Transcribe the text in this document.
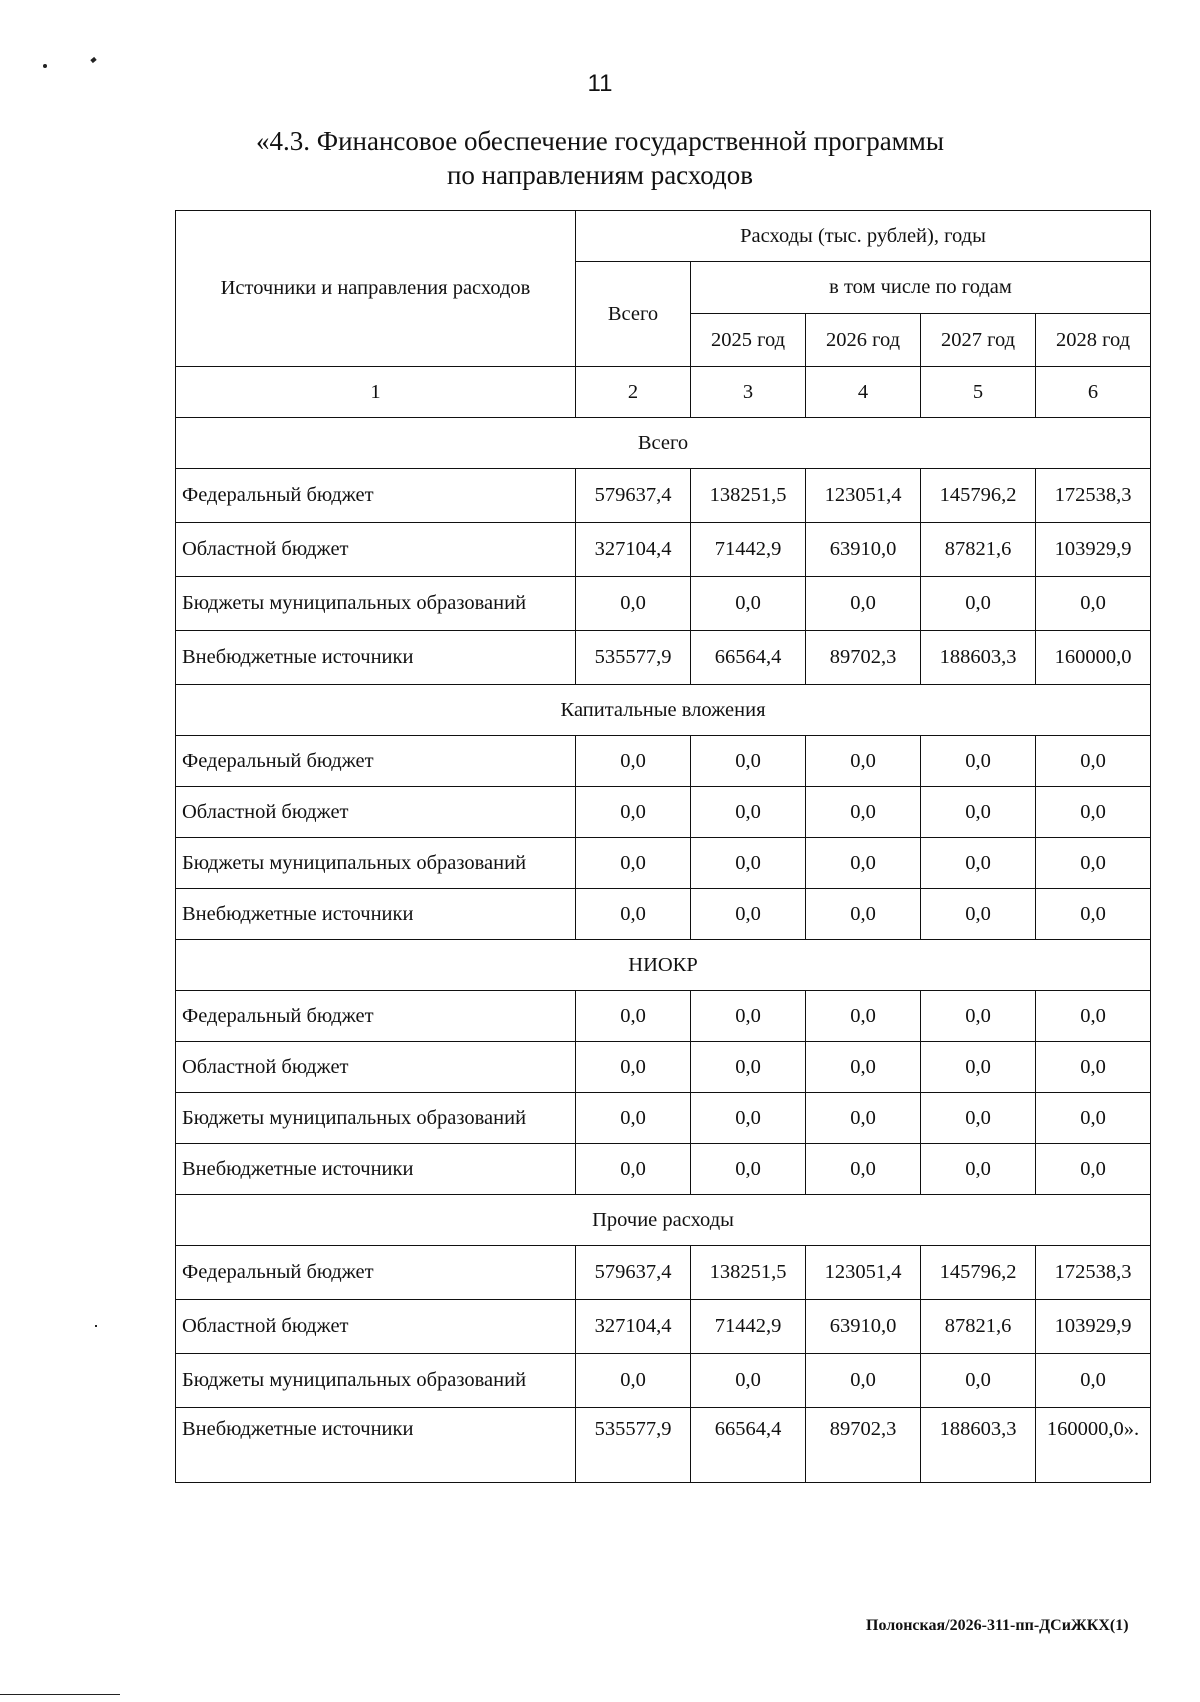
11
«4.3. Финансовое обеспечение государственной программы
по направлениям расходов
Источники и направления расходов	Расходы (тыс. рублей), годы				
	Всего	в том числе по годам			
		2025 год	2026 год	2027 год	2028 год
1	2	3	4	5	6
Всего					
Федеральный бюджет	579637,4	138251,5	123051,4	145796,2	172538,3
Областной бюджет	327104,4	71442,9	63910,0	87821,6	103929,9
Бюджеты муниципальных образований	0,0	0,0	0,0	0,0	0,0
Внебюджетные источники	535577,9	66564,4	89702,3	188603,3	160000,0
Капитальные вложения					
Федеральный бюджет	0,0	0,0	0,0	0,0	0,0
Областной бюджет	0,0	0,0	0,0	0,0	0,0
Бюджеты муниципальных образований	0,0	0,0	0,0	0,0	0,0
Внебюджетные источники	0,0	0,0	0,0	0,0	0,0
НИОКР					
Федеральный бюджет	0,0	0,0	0,0	0,0	0,0
Областной бюджет	0,0	0,0	0,0	0,0	0,0
Бюджеты муниципальных образований	0,0	0,0	0,0	0,0	0,0
Внебюджетные источники	0,0	0,0	0,0	0,0	0,0
Прочие расходы					
Федеральный бюджет	579637,4	138251,5	123051,4	145796,2	172538,3
Областной бюджет	327104,4	71442,9	63910,0	87821,6	103929,9
Бюджеты муниципальных образований	0,0	0,0	0,0	0,0	0,0
Внебюджетные источники	535577,9	66564,4	89702,3	188603,3	160000,0».
Полонская/2026-311-пп-ДСиЖКХ(1)
